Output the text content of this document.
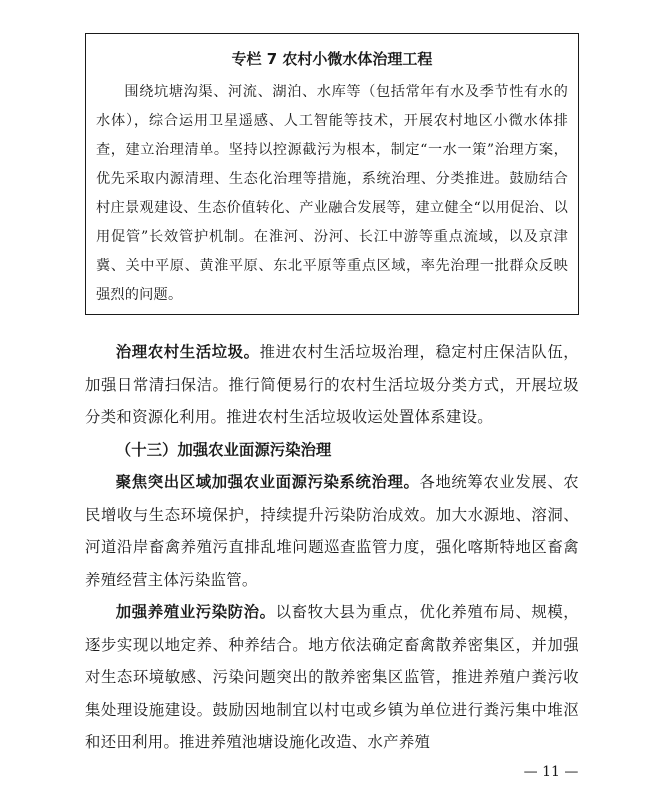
专栏 7 农村小微水体治理工程

围绕坑塘沟渠、河流、湖泊、水库等（包括常年有水及季节性有水的水体），综合运用卫星遥感、人工智能等技术，开展农村地区小微水体排查，建立治理清单。坚持以控源截污为根本，制定“一水一策”治理方案，优先采取内源清理、生态化治理等措施，系统治理、分类推进。鼓励结合村庄景观建设、生态价值转化、产业融合发展等，建立健全“以用促治、以用促管”长效管护机制。在淮河、汾河、长江中游等重点流域，以及京津冀、关中平原、黄淮平原、东北平原等重点区域，率先治理一批群众反映强烈的问题。

治理农村生活垃圾。推进农村生活垃圾治理，稳定村庄保洁队伍，加强日常清扫保洁。推行简便易行的农村生活垃圾分类方式，开展垃圾分类和资源化利用。推进农村生活垃圾收运处置体系建设。

（十三）加强农业面源污染治理

聚焦突出区域加强农业面源污染系统治理。各地统筹农业发展、农民增收与生态环境保护，持续提升污染防治成效。加大水源地、溶洞、河道沿岸畜禽养殖污直排乱堆问题巡查监管力度，强化喀斯特地区畜禽养殖经营主体污染监管。

加强养殖业污染防治。以畜牧大县为重点，优化养殖布局、规模，逐步实现以地定养、种养结合。地方依法确定畜禽散养密集区，并加强对生态环境敏感、污染问题突出的散养密集区监管，推进养殖户粪污收集处理设施建设。鼓励因地制宜以村屯或乡镇为单位进行粪污集中堆沤和还田利用。推进养殖池塘设施化改造、水产养殖

— 11 —
